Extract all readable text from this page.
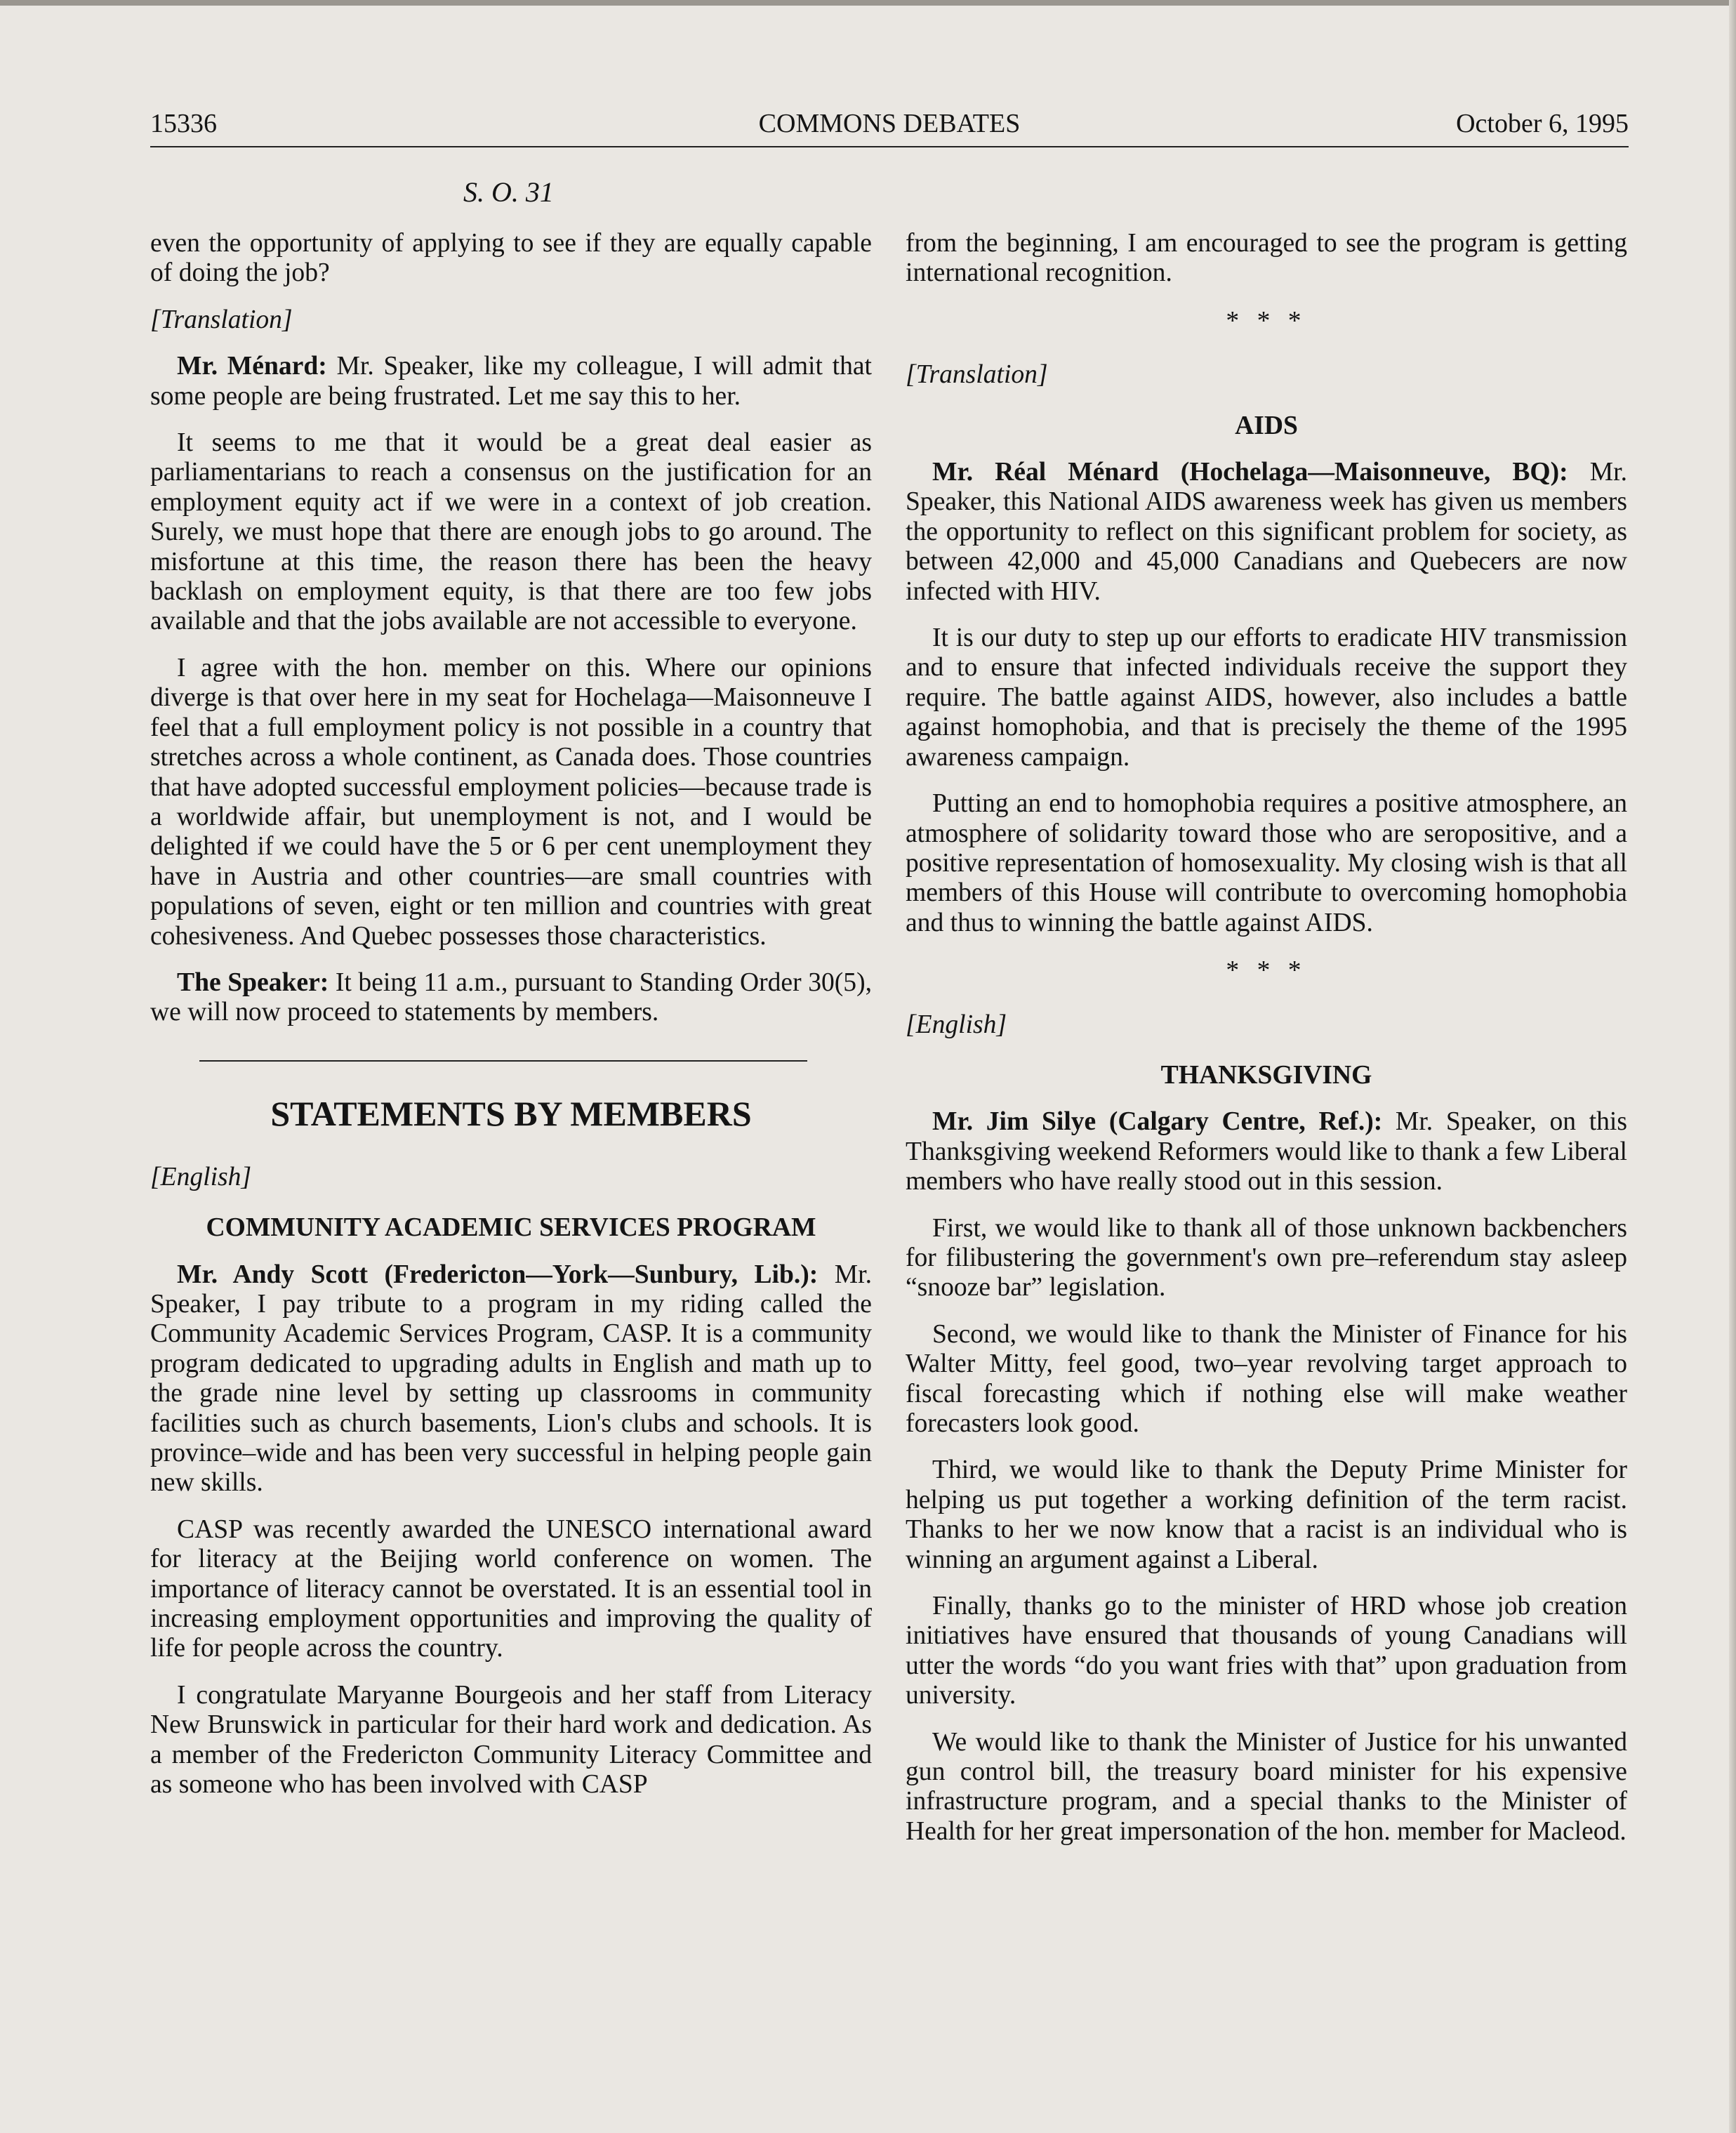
15336	COMMONS DEBATES	October 6, 1995
S. O. 31

even the opportunity of applying to see if they are equally capable of doing the job?

[Translation]

Mr. Ménard: Mr. Speaker, like my colleague, I will admit that some people are being frustrated. Let me say this to her.

It seems to me that it would be a great deal easier as parliamentarians to reach a consensus on the justification for an employment equity act if we were in a context of job creation. Surely, we must hope that there are enough jobs to go around. The misfortune at this time, the reason there has been the heavy backlash on employment equity, is that there are too few jobs available and that the jobs available are not accessible to everyone.

I agree with the hon. member on this. Where our opinions diverge is that over here in my seat for Hochelaga—Maisonneuve I feel that a full employment policy is not possible in a country that stretches across a whole continent, as Canada does. Those countries that have adopted successful employment policies—because trade is a worldwide affair, but unemployment is not, and I would be delighted if we could have the 5 or 6 per cent unemployment they have in Austria and other countries—are small countries with populations of seven, eight or ten million and countries with great cohesiveness. And Quebec possesses those characteristics.

The Speaker: It being 11 a.m., pursuant to Standing Order 30(5), we will now proceed to statements by members.

STATEMENTS BY MEMBERS

[English]

COMMUNITY ACADEMIC SERVICES PROGRAM

Mr. Andy Scott (Fredericton—York—Sunbury, Lib.): Mr. Speaker, I pay tribute to a program in my riding called the Community Academic Services Program, CASP. It is a community program dedicated to upgrading adults in English and math up to the grade nine level by setting up classrooms in community facilities such as church basements, Lion's clubs and schools. It is province–wide and has been very successful in helping people gain new skills.

CASP was recently awarded the UNESCO international award for literacy at the Beijing world conference on women. The importance of literacy cannot be overstated. It is an essential tool in increasing employment opportunities and improving the quality of life for people across the country.

I congratulate Maryanne Bourgeois and her staff from Literacy New Brunswick in particular for their hard work and dedication. As a member of the Fredericton Community Literacy Committee and as someone who has been involved with CASP

from the beginning, I am encouraged to see the program is getting international recognition.

* * *

[Translation]

AIDS

Mr. Réal Ménard (Hochelaga—Maisonneuve, BQ): Mr. Speaker, this National AIDS awareness week has given us members the opportunity to reflect on this significant problem for society, as between 42,000 and 45,000 Canadians and Quebecers are now infected with HIV.

It is our duty to step up our efforts to eradicate HIV transmission and to ensure that infected individuals receive the support they require. The battle against AIDS, however, also includes a battle against homophobia, and that is precisely the theme of the 1995 awareness campaign.

Putting an end to homophobia requires a positive atmosphere, an atmosphere of solidarity toward those who are seropositive, and a positive representation of homosexuality. My closing wish is that all members of this House will contribute to overcoming homophobia and thus to winning the battle against AIDS.

* * *

[English]

THANKSGIVING

Mr. Jim Silye (Calgary Centre, Ref.): Mr. Speaker, on this Thanksgiving weekend Reformers would like to thank a few Liberal members who have really stood out in this session.

First, we would like to thank all of those unknown backbenchers for filibustering the government's own pre–referendum stay asleep “snooze bar” legislation.

Second, we would like to thank the Minister of Finance for his Walter Mitty, feel good, two–year revolving target approach to fiscal forecasting which if nothing else will make weather forecasters look good.

Third, we would like to thank the Deputy Prime Minister for helping us put together a working definition of the term racist. Thanks to her we now know that a racist is an individual who is winning an argument against a Liberal.

Finally, thanks go to the minister of HRD whose job creation initiatives have ensured that thousands of young Canadians will utter the words “do you want fries with that” upon graduation from university.

We would like to thank the Minister of Justice for his unwanted gun control bill, the treasury board minister for his expensive infrastructure program, and a special thanks to the Minister of Health for her great impersonation of the hon. member for Macleod.
